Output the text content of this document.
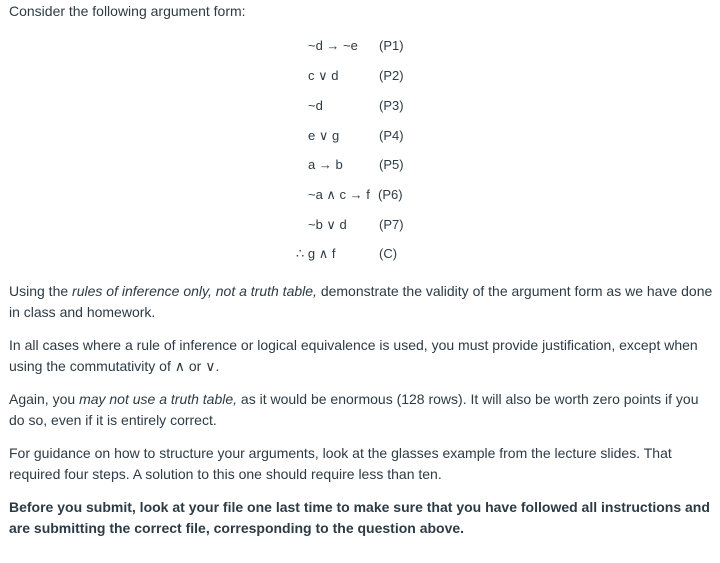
Consider the following argument form:
~d → ~e (P1)
c ∨ d	(P2)
~d	(P3)
e ∨ g	(P4)
a → b	(P5)
~a ∧ c → f (P6)
~b ∨ d (P7)
∴ g ∧ f	(C)

Using the rules of inference only, not a truth table, demonstrate the validity of the argument form as we have done in class and homework.

In all cases where a rule of inference or logical equivalence is used, you must provide justification, except when using the commutativity of ∧ or ∨.

Again, you may not use a truth table, as it would be enormous (128 rows). It will also be worth zero points if you do so, even if it is entirely correct.

For guidance on how to structure your arguments, look at the glasses example from the lecture slides. That required four steps. A solution to this one should require less than ten.

Before you submit, look at your file one last time to make sure that you have followed all instructions and are submitting the correct file, corresponding to the question above.
